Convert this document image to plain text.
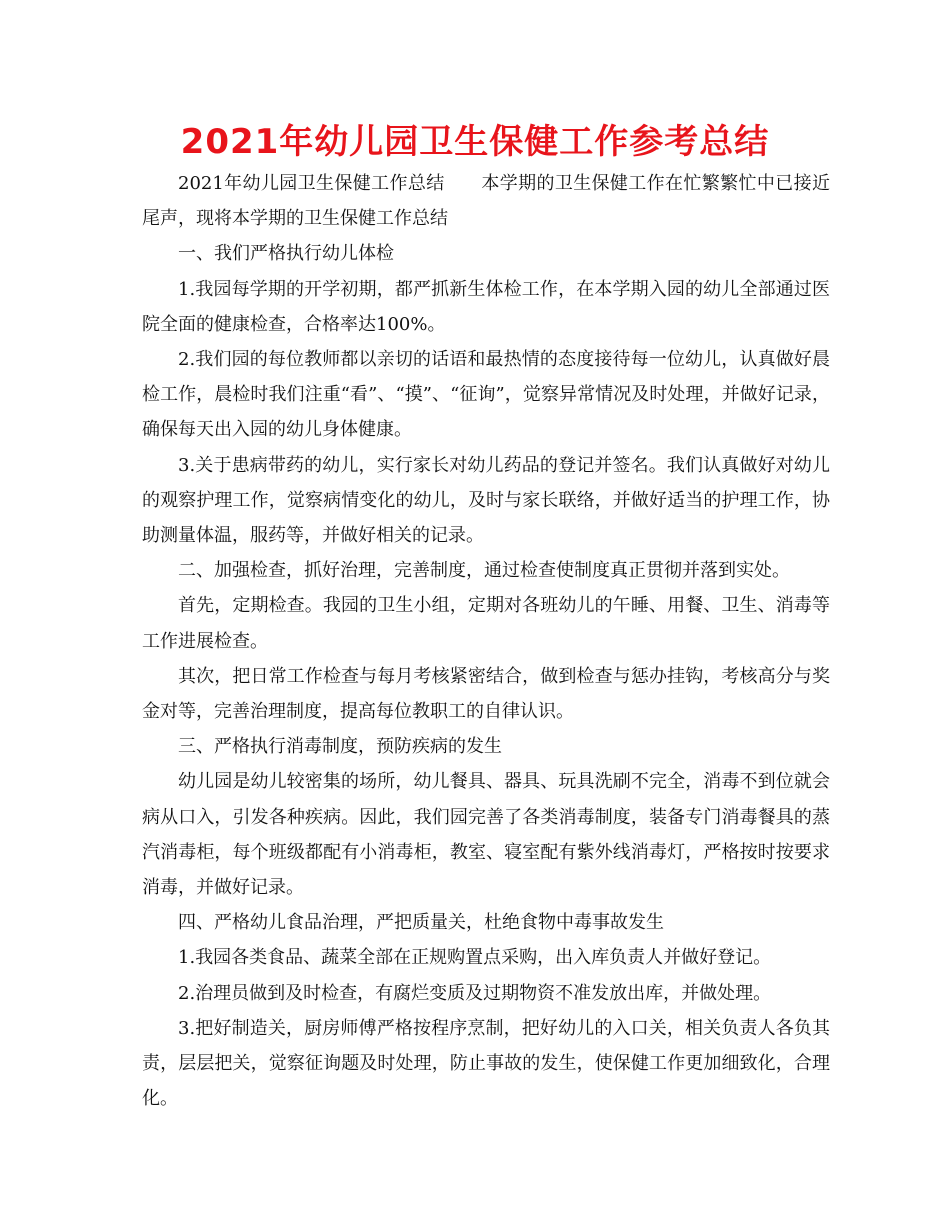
2021年幼儿园卫生保健工作参考总结

2021年幼儿园卫生保健工作总结　　本学期的卫生保健工作在忙繁繁忙中已接近尾声，现将本学期的卫生保健工作总结

一、我们严格执行幼儿体检

1.我园每学期的开学初期，都严抓新生体检工作，在本学期入园的幼儿全部通过医院全面的健康检查，合格率达100%。

2.我们园的每位教师都以亲切的话语和最热情的态度接待每一位幼儿，认真做好晨检工作，晨检时我们注重“看”、“摸”、“征询”，觉察异常情况及时处理，并做好记录，确保每天出入园的幼儿身体健康。

3.关于患病带药的幼儿，实行家长对幼儿药品的登记并签名。我们认真做好对幼儿的观察护理工作，觉察病情变化的幼儿，及时与家长联络，并做好适当的护理工作，协助测量体温，服药等，并做好相关的记录。

二、加强检查，抓好治理，完善制度，通过检查使制度真正贯彻并落到实处。

首先，定期检查。我园的卫生小组，定期对各班幼儿的午睡、用餐、卫生、消毒等工作进展检查。

其次，把日常工作检查与每月考核紧密结合，做到检查与惩办挂钩，考核高分与奖金对等，完善治理制度，提高每位教职工的自律认识。

三、严格执行消毒制度，预防疾病的发生

幼儿园是幼儿较密集的场所，幼儿餐具、器具、玩具洗刷不完全，消毒不到位就会病从口入，引发各种疾病。因此，我们园完善了各类消毒制度，装备专门消毒餐具的蒸汽消毒柜，每个班级都配有小消毒柜，教室、寝室配有紫外线消毒灯，严格按时按要求消毒，并做好记录。

四、严格幼儿食品治理，严把质量关，杜绝食物中毒事故发生

1.我园各类食品、蔬菜全部在正规购置点采购，出入库负责人并做好登记。

2.治理员做到及时检查，有腐烂变质及过期物资不准发放出库，并做处理。

3.把好制造关，厨房师傅严格按程序烹制，把好幼儿的入口关，相关负责人各负其责，层层把关，觉察征询题及时处理，防止事故的发生，使保健工作更加细致化，合理化。
